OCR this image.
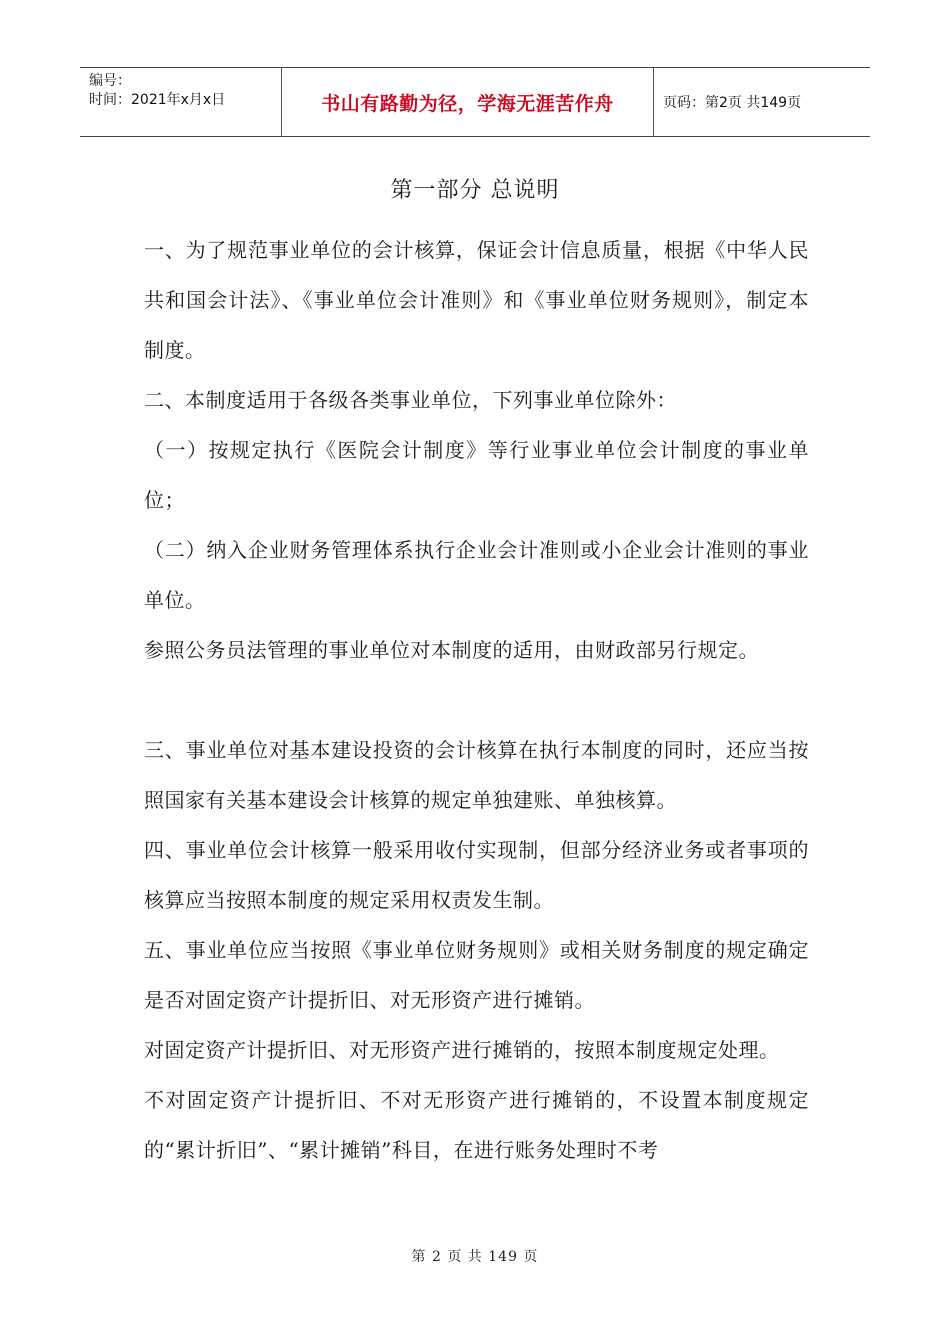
编号：
时间：2021年x月x日	书山有路勤为径，学海无涯苦作舟	页码：第2页 共149页
第一部分 总说明

一、为了规范事业单位的会计核算，保证会计信息质量，根据《中华人民共和国会计法》、《事业单位会计准则》和《事业单位财务规则》，制定本制度。

二、本制度适用于各级各类事业单位，下列事业单位除外：

（一）按规定执行《医院会计制度》等行业事业单位会计制度的事业单位；

（二）纳入企业财务管理体系执行企业会计准则或小企业会计准则的事业单位。

参照公务员法管理的事业单位对本制度的适用，由财政部另行规定。

三、事业单位对基本建设投资的会计核算在执行本制度的同时，还应当按照国家有关基本建设会计核算的规定单独建账、单独核算。

四、事业单位会计核算一般采用收付实现制，但部分经济业务或者事项的核算应当按照本制度的规定采用权责发生制。

五、事业单位应当按照《事业单位财务规则》或相关财务制度的规定确定是否对固定资产计提折旧、对无形资产进行摊销。

对固定资产计提折旧、对无形资产进行摊销的，按照本制度规定处理。

不对固定资产计提折旧、不对无形资产进行摊销的，不设置本制度规定的“累计折旧”、“累计摊销”科目，在进行账务处理时不考

第 2 页 共 149 页
